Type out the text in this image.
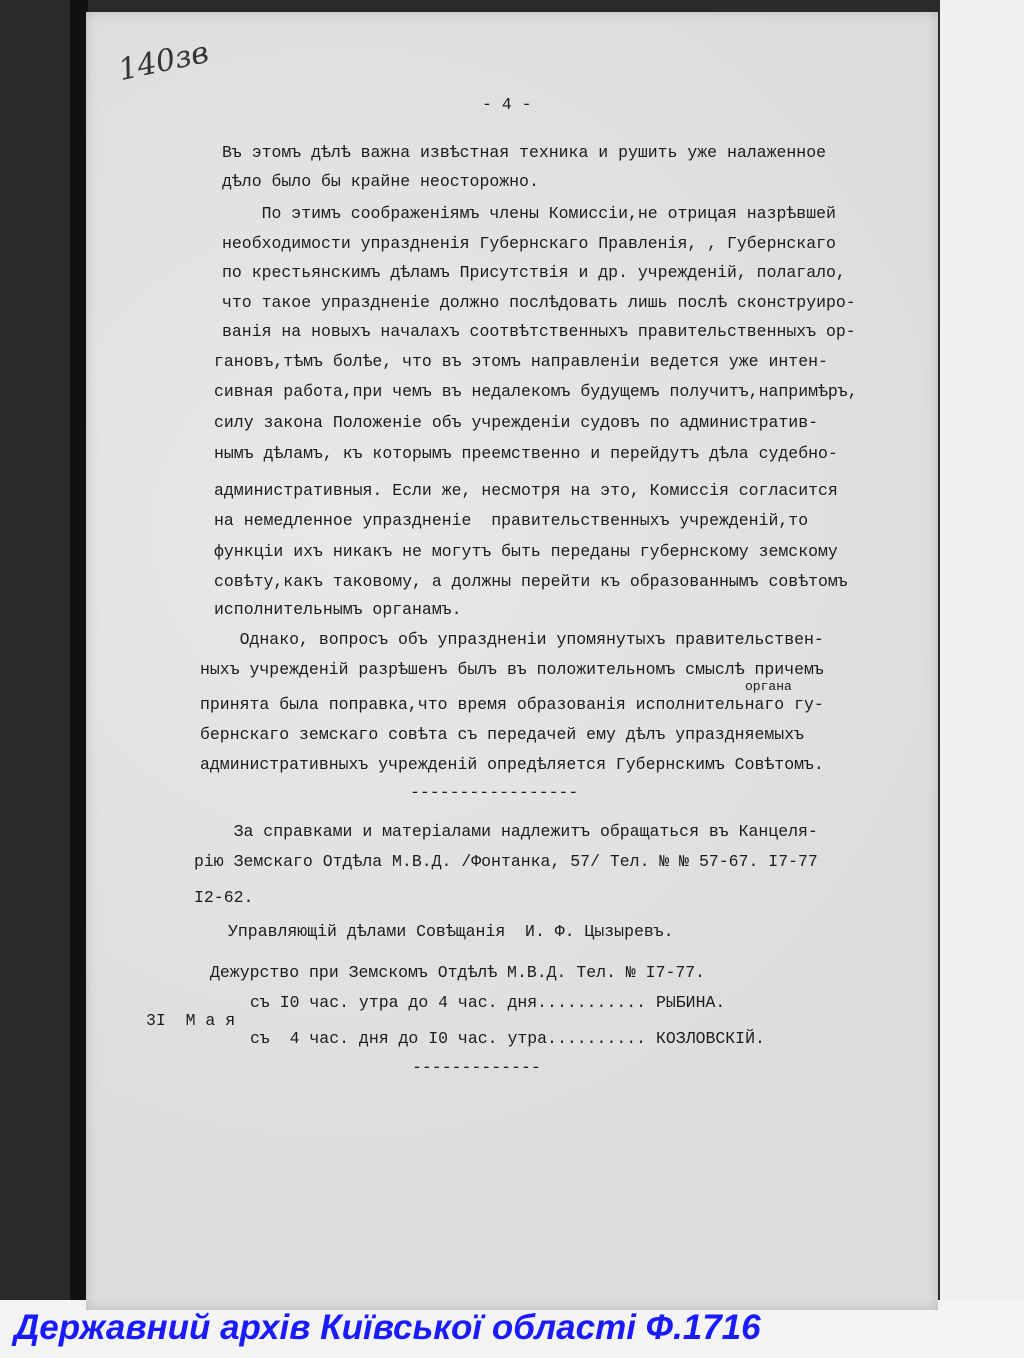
140зв
- 4 -
Въ этомъ дѣлѣ важна извѣстная техника и рушить уже налаженное
дѣло было бы крайне неосторожно.
По этимъ соображеніямъ члены Комиссіи,не отрицая назрѣвшей
необходимости упраздненія Губернскаго Правленія, , Губернскаго
по крестьянскимъ дѣламъ Присутствія и др. учрежденій, полагало,
что такое упраздненіе должно послѣдовать лишь послѣ сконструиро-
ванія на новыхъ началахъ соотвѣтственныхъ правительственныхъ ор-
гановъ,тѣмъ болѣе, что въ этомъ направленіи ведется уже интен-
сивная работа,при чемъ въ недалекомъ будущемъ получитъ,напримѣръ,
силу закона Положеніе объ учрежденіи судовъ по административ-
нымъ дѣламъ, къ которымъ преемственно и перейдутъ дѣла судебно-
административныя. Если же, несмотря на это, Комиссія согласится
на немедленное упраздненіе  правительственныхъ учрежденій,то
функціи ихъ никакъ не могутъ быть переданы губернскому земскому
совѣту,какъ таковому, а должны перейти къ образованнымъ совѣтомъ
исполнительнымъ органамъ.
Однако, вопросъ объ упраздненіи упомянутыхъ правительствен-
ныхъ учрежденій разрѣшенъ былъ въ положительномъ смыслѣ причемъ
органа
принята была поправка,что время образованія исполнительнаго гу-
бернскаго земскаго совѣта съ передачей ему дѣлъ упраздняемыхъ
административныхъ учрежденій опредѣляется Губернскимъ Совѣтомъ.
-----------------
За справками и матеріалами надлежитъ обращаться въ Канцеля-
рію Земскаго Отдѣла М.В.Д. /Фонтанка, 57/ Тел. № № 57-67. I7-77
I2-62.
Управляющій дѣлами Совѣщанія  И. Ф. Цызыревъ.
Дежурство при Земскомъ Отдѣлѣ М.В.Д. Тел. № I7-77.
3I  М а я
съ I0 час. утра до 4 час. дня........... РЫБИНА.
съ  4 час. дня до I0 час. утра.......... КОЗЛОВСКІЙ.
-------------
Державний архів Київської області Ф.1716
